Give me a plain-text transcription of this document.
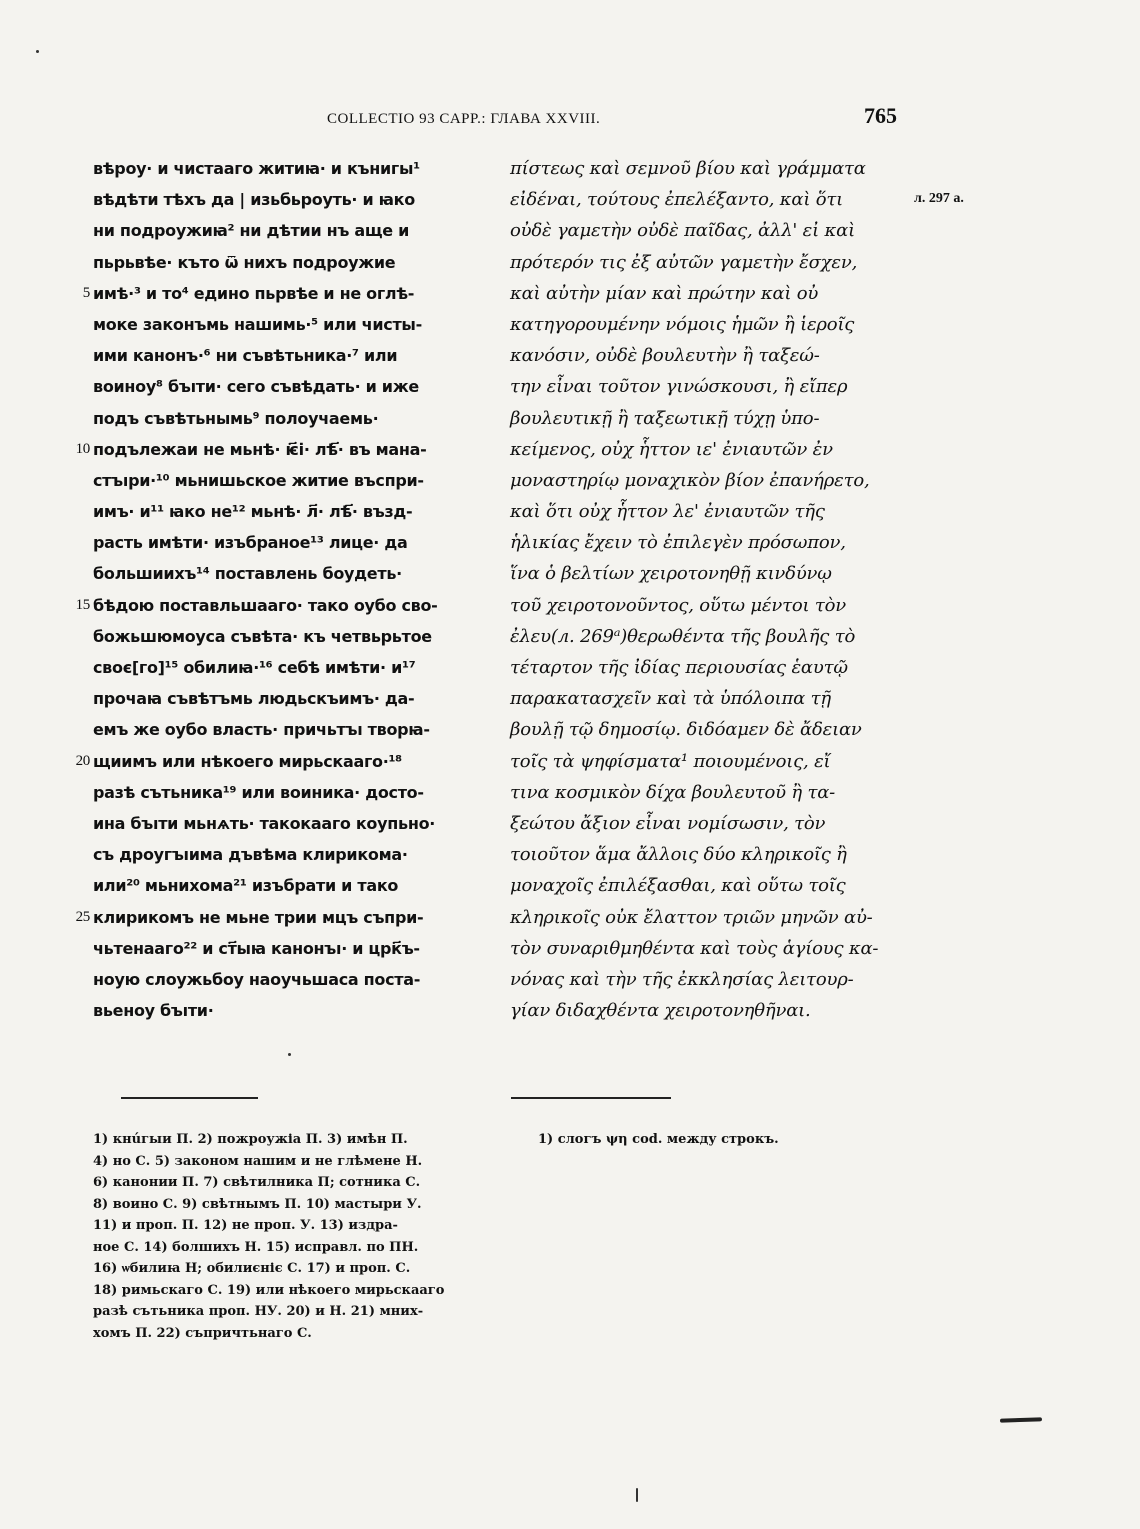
COLLECTIO 93 CAPP.: ГЛАВА XXVIII.	765
л. 297 а.
вѣроу· и чистааго житиꙗ· и кънигы¹
вѣдѣти тѣхъ да | изьбьроуть· и ꙗко
ни подроужиꙗ² ни дѣтии нъ аще и
пьрьвѣе· къто ѿ нихъ подроужие
5 имѣ·³ и то⁴ едино пьрвѣе и не оглѣ-
моке законъмь нашимь·⁵ или чисты-
ими канонъ·⁶ ни съвѣтьника·⁷ или
воиноу⁸ бъıти· сего съвѣдать· и иже
подъ съвѣтьнымь⁹ полоучаемь·
10 подълежаи не мьнѣ· ѥ҃і· лѣ҃· въ мана-
стъıри·¹⁰ мьнишьское житие въспри-
имъ· и¹¹ ꙗко не¹² мьнѣ· л҃· лѣ҃· възд-
расть имѣти· изъбраное¹³ лице· да
большиихъ¹⁴ поставлень боудеть·
15 бѣдою поставльшааго· тако оубо сво-
божьшюмоуса съвѣта· къ четвьрьтое
своє[го]¹⁵ обилиꙗ·¹⁶ себѣ имѣти· и¹⁷
прочаꙗ съвѣтъмь людьскъимъ· да-
емъ же оубо власть· причьтъı творꙗ-
20 щиимъ или нѣкоего мирьскааго·¹⁸
разѣ сътьника¹⁹ или воиника· досто-
ина бъıти мьнѧть· такокааго коупьно·
съ дроугъıима дъвѣма клирикома·
или²⁰ мьнихома²¹ изъбрати и тако
25 клирикомъ не мьне трии мцъ съпри-
чьтенааго²² и ст҃ыꙗ канонъı· и црк҃ъ-
ноую слоужьбоу наоучьшаса поста-
вьеноу бъıти·
πίστεως καὶ σεμνοῦ βίου καὶ γράμματα
εἰδέναι, τούτους ἐπελέξαντο, καὶ ὅτι
οὐδὲ γαμετὴν οὐδὲ παῖδας, ἀλλ' εἰ καὶ
πρότερόν τις ἐξ αὐτῶν γαμετὴν ἔσχεν,
καὶ αὐτὴν μίαν καὶ πρώτην καὶ οὐ
κατηγορουμένην νόμοις ἡμῶν ἢ ἱεροῖς
κανόσιν, οὐδὲ βουλευτὴν ἢ ταξεώ-
την εἶναι τοῦτον γινώσκουσι, ἢ εἴπερ
βουλευτικῇ ἢ ταξεωτικῇ τύχῃ ὑπο-
κείμενος, οὐχ ἧττον ιε' ἐνιαυτῶν ἐν
μοναστηρίῳ μοναχικὸν βίον ἐπανήρετο,
καὶ ὅτι οὐχ ἧττον λε' ἐνιαυτῶν τῆς
ἡλικίας ἔχειν τὸ ἐπιλεγὲν πρόσωπον,
ἵνα ὁ βελτίων χειροτονηθῇ κινδύνῳ
τοῦ χειροτονοῦντος, οὕτω μέντοι τὸν
ἐλευ(л. 269ᵃ)θερωθέντα τῆς βουλῆς τὸ
τέταρτον τῆς ἰδίας περιουσίας ἑαυτῷ
παρακατασχεῖν καὶ τὰ ὑπόλοιπα τῇ
βουλῇ τῷ δημοσίῳ. διδόαμεν δὲ ἄδειαν
τοῖς τὰ ψηφίσματα¹ ποιουμένοις, εἴ
τινα κοσμικὸν δίχα βουλευτοῦ ἢ τα-
ξεώτου ἄξιον εἶναι νομίσωσιν, τὸν
τοιοῦτον ἅμα ἄλλοις δύο κληρικοῖς ἢ
μοναχοῖς ἐπιλέξασθαι, καὶ οὕτω τοῖς
κληρικοῖς οὐκ ἔλαττον τριῶν μηνῶν αὐ-
τὸν συναριθμηθέντα καὶ τοὺς ἁγίους κα-
νόνας καὶ τὴν τῆς ἐκκλησίας λειτουρ-
γίαν διδαχθέντα χειροτονηθῆναι.
1) кнúгыи П. 2) пожроужіа П. 3) имѣн П.
4) но С. 5) законом нашим и не глѣмене Н.
6) канонии П. 7) свѣтилника П; сотника С.
8) воино С. 9) свѣтнымъ П. 10) мастыри У.
11) и проп. П. 12) не проп. У. 13) издра-
ное С. 14) болшихъ Н. 15) исправл. по ПН.
16) ѡбилиꙗ Н; обилиєніє С. 17) и проп. С.
18) римьскаго С. 19) или нѣкоего мирьскааго
разѣ сътьника проп. НУ. 20) и Н. 21) мних-
хомъ П. 22) съпричтьнаго С.
1) слогъ ψη cod. между строкъ.
